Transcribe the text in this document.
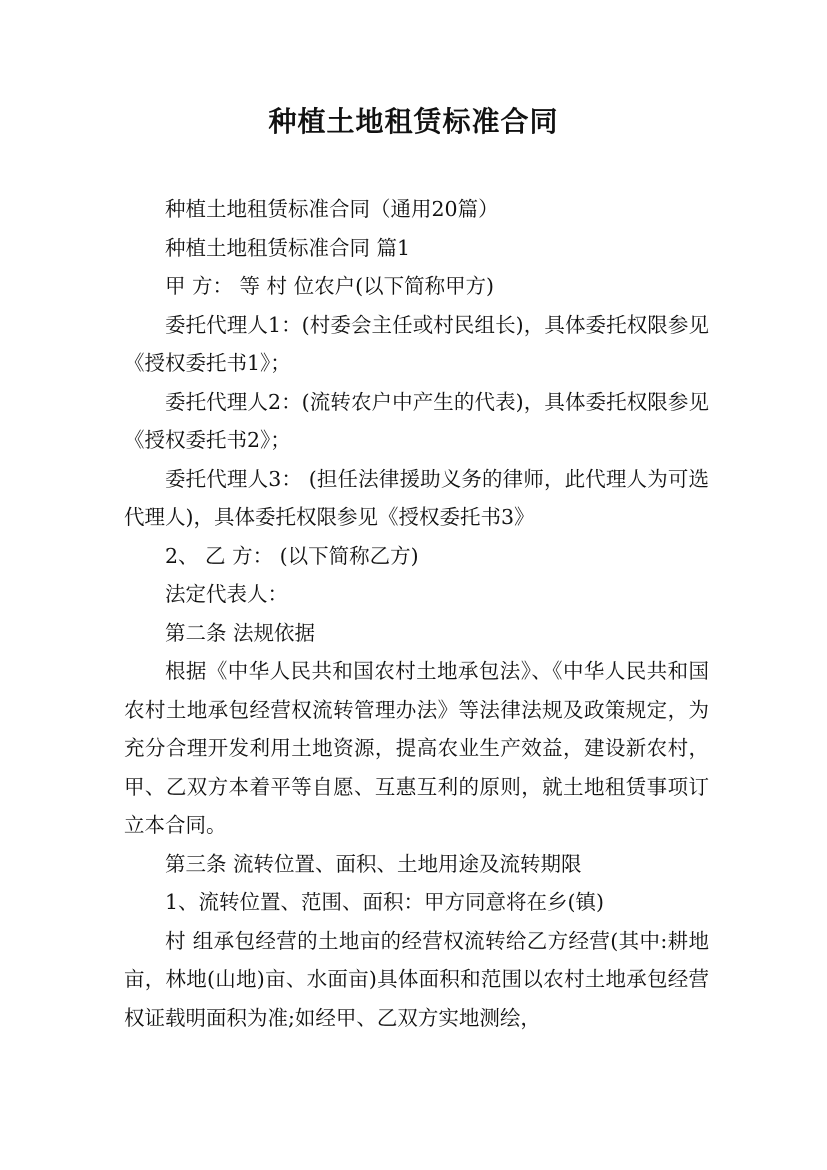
种植土地租赁标准合同

种植土地租赁标准合同（通用20篇）

种植土地租赁标准合同 篇1

甲 方： 等 村 位农户(以下简称甲方)

委托代理人1：(村委会主任或村民组长)，具体委托权限参见《授权委托书1》；

委托代理人2：(流转农户中产生的代表)，具体委托权限参见《授权委托书2》；

委托代理人3： (担任法律援助义务的律师，此代理人为可选代理人)，具体委托权限参见《授权委托书3》

2、 乙 方： (以下简称乙方)

法定代表人：

第二条 法规依据

根据《中华人民共和国农村土地承包法》、《中华人民共和国农村土地承包经营权流转管理办法》等法律法规及政策规定，为充分合理开发利用土地资源，提高农业生产效益，建设新农村，甲、乙双方本着平等自愿、互惠互利的原则，就土地租赁事项订立本合同。

第三条 流转位置、面积、土地用途及流转期限

1、流转位置、范围、面积：甲方同意将在乡(镇)

村 组承包经营的土地亩的经营权流转给乙方经营(其中:耕地亩，林地(山地)亩、水面亩)具体面积和范围以农村土地承包经营权证载明面积为准;如经甲、乙双方实地测绘，
